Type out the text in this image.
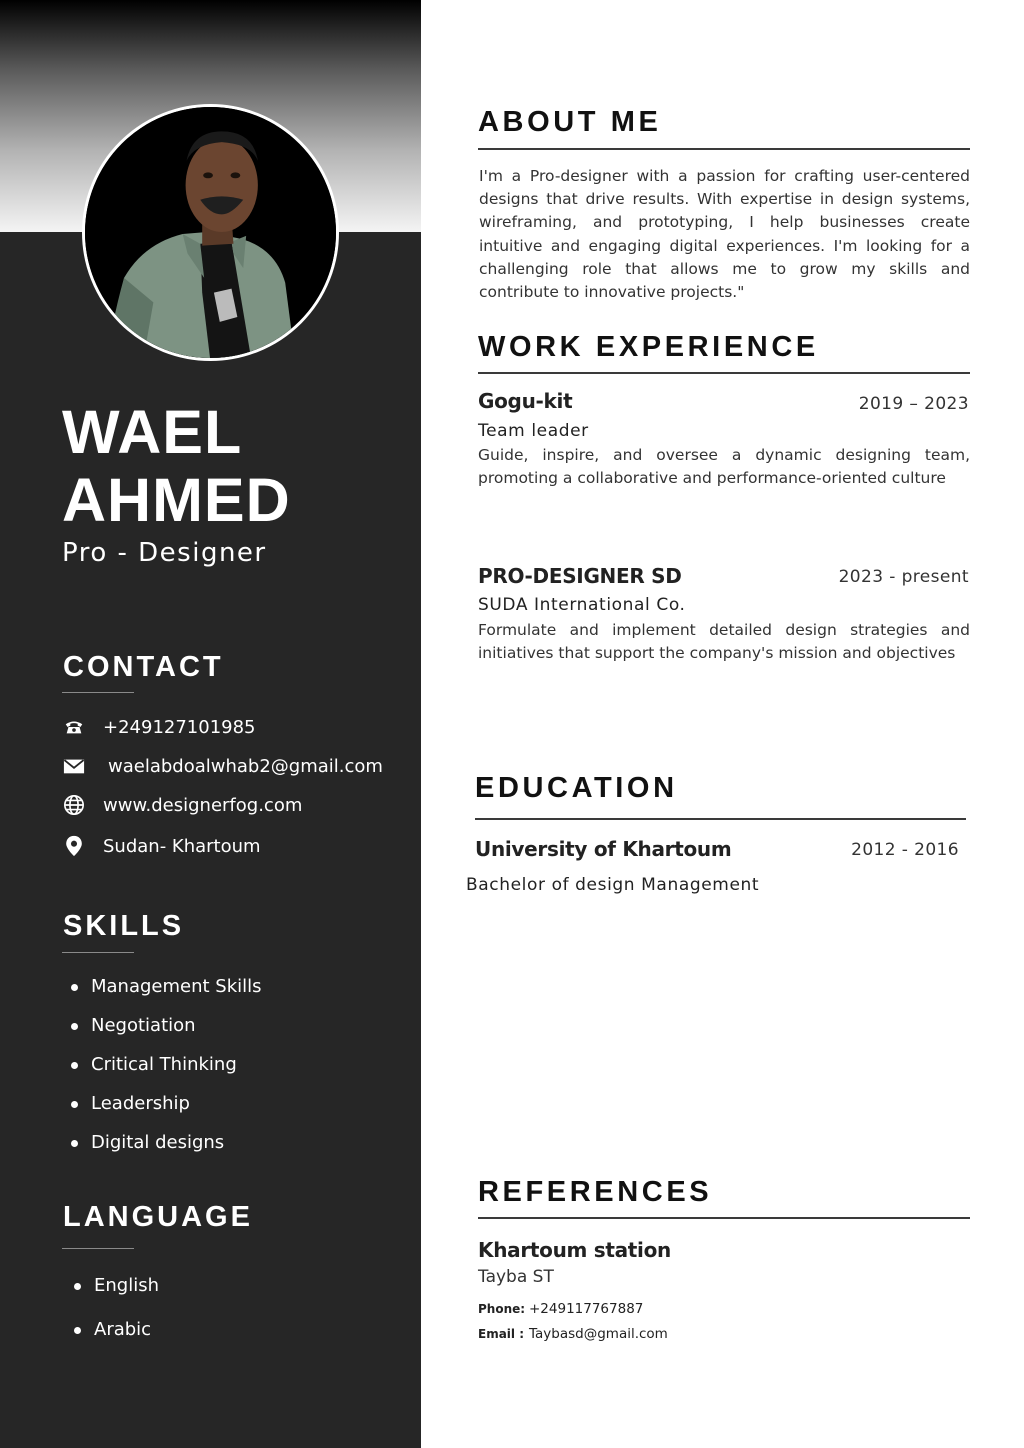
WAEL
AHMED
Pro - Designer
CONTACT
+249127101985
waelabdoalwhab2@gmail.com
www.designerfog.com
Sudan- Khartoum
SKILLS
Management Skills
Negotiation
Critical Thinking
Leadership
Digital designs
LANGUAGE
English
Arabic
ABOUT ME
I'm a Pro-designer with a passion for crafting user-centered designs that drive results. With expertise in design systems, wireframing, and prototyping, I help businesses create intuitive and engaging digital experiences. I'm looking for a challenging role that allows me to grow my skills and contribute to innovative projects."
WORK EXPERIENCE
Gogu-kit	2019 – 2023
Team leader
Guide, inspire, and oversee a dynamic designing team, promoting a collaborative and performance-oriented culture
PRO-DESIGNER SD	2023 - present
SUDA International Co.
Formulate and implement detailed design strategies and initiatives that support the company's mission and objectives
EDUCATION
University of Khartoum	2012 - 2016
Bachelor of design Management
REFERENCES
Khartoum station
Tayba ST
Phone: +249117767887
Email : Taybasd@gmail.com
